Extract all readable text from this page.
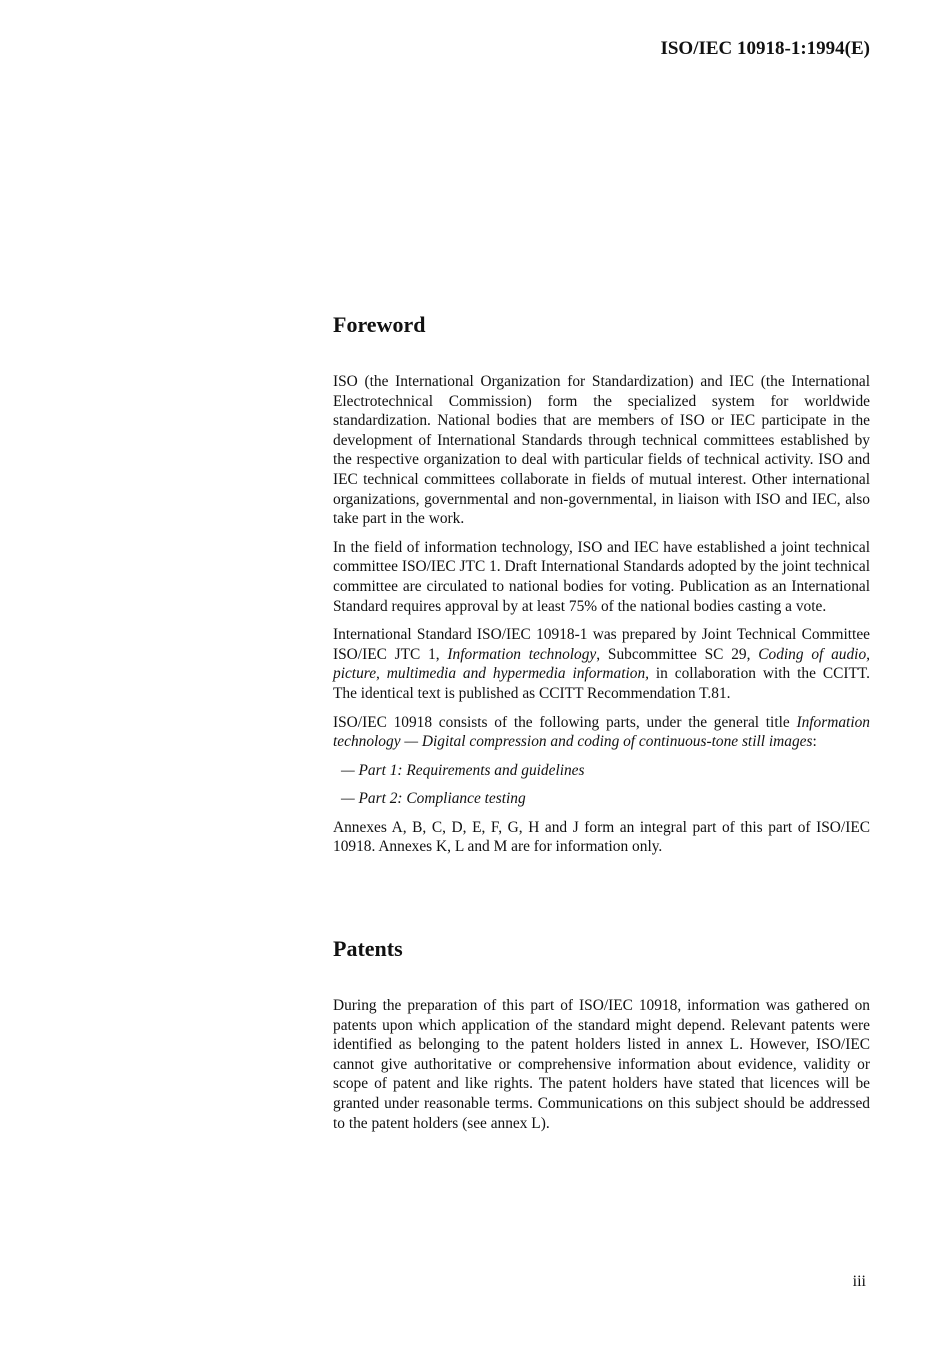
ISO/IEC 10918-1:1994(E)
Foreword

ISO (the International Organization for Standardization) and IEC (the International Electrotechnical Commission) form the specialized system for worldwide standardization. National bodies that are members of ISO or IEC participate in the development of International Standards through technical committees established by the respective organization to deal with particular fields of technical activity. ISO and IEC technical committees collaborate in fields of mutual interest. Other international organizations, governmental and non-governmental, in liaison with ISO and IEC, also take part in the work.

In the field of information technology, ISO and IEC have established a joint technical committee ISO/IEC JTC 1. Draft International Standards adopted by the joint technical committee are circulated to national bodies for voting. Publication as an International Standard requires approval by at least 75% of the national bodies casting a vote.

International Standard ISO/IEC 10918-1 was prepared by Joint Technical Committee ISO/IEC JTC 1, Information technology, Subcommittee SC 29, Coding of audio, picture, multimedia and hypermedia information, in collaboration with the CCITT. The identical text is published as CCITT Recommendation T.81.

ISO/IEC 10918 consists of the following parts, under the general title Information technology — Digital compression and coding of continuous-tone still images:

— Part 1: Requirements and guidelines
— Part 2: Compliance testing

Annexes A, B, C, D, E, F, G, H and J form an integral part of this part of ISO/IEC 10918. Annexes K, L and M are for information only.

Patents

During the preparation of this part of ISO/IEC 10918, information was gathered on patents upon which application of the standard might depend. Relevant patents were identified as belonging to the patent holders listed in annex L. However, ISO/IEC cannot give authoritative or comprehensive information about evidence, validity or scope of patent and like rights. The patent holders have stated that licences will be granted under reasonable terms. Communications on this subject should be addressed to the patent holders (see annex L).

iii
